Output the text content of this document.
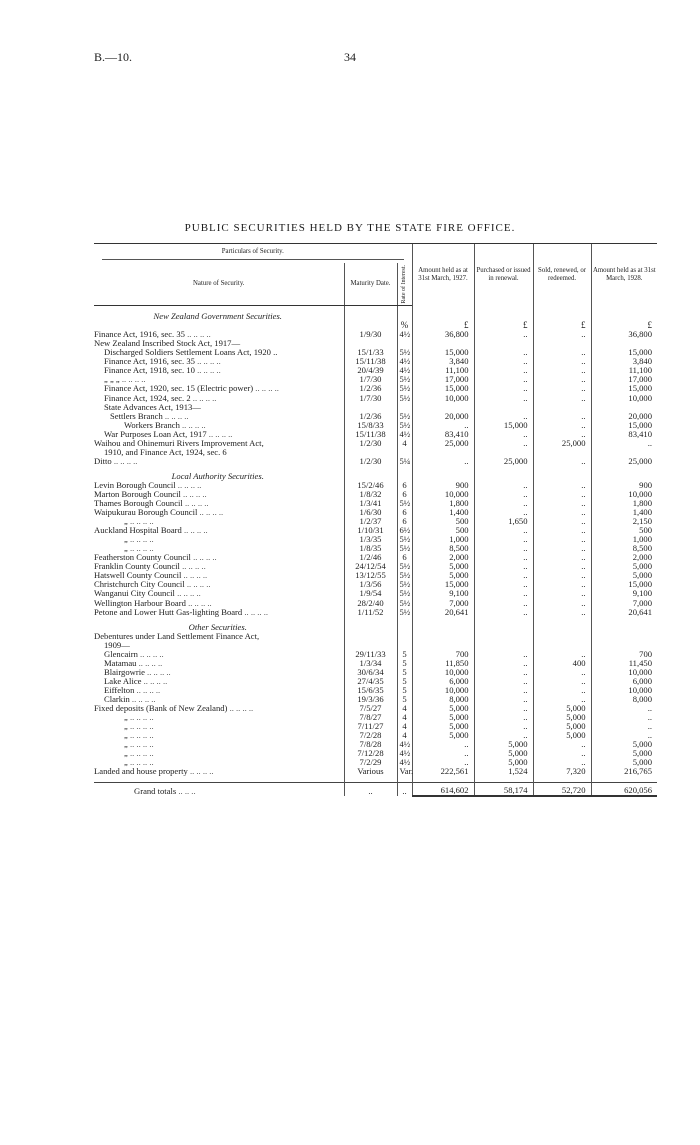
B.—10.	34
PUBLIC SECURITIES HELD BY THE STATE FIRE OFFICE.
Particulars of Security.			Amount held as at 31st March, 1927.	Purchased or issued in renewal.	Sold, renewed, or redeemed.	Amount held as at 31st March, 1928.
Nature of Security.	Maturity Date.	Rate of Interest.				

New Zealand Government Securities.						
		%	£	£	£	£
Finance Act, 1916, sec. 35 .. .. .. ..	1/9/30	4½	36,800	..	..	36,800
New Zealand Inscribed Stock Act, 1917—						
Discharged Soldiers Settlement Loans Act, 1920 ..	15/1/33	5½	15,000	..	..	15,000
Finance Act, 1916, sec. 35 .. .. .. ..	15/11/38	4½	3,840	..	..	3,840
Finance Act, 1918, sec. 10 .. .. .. ..	20/4/39	4½	11,100	..	..	11,100
„ „ „ .. .. .. ..	1/7/30	5½	17,000	..	..	17,000
Finance Act, 1920, sec. 15 (Electric power) .. .. .. ..	1/2/36	5½	15,000	..	..	15,000
Finance Act, 1924, sec. 2 .. .. .. ..	1/7/30	5½	10,000	..	..	10,000
State Advances Act, 1913—						
Settlers Branch .. .. .. ..	1/2/36	5½	20,000	..	..	20,000
Workers Branch .. .. .. ..	15/8/33	5½	..	15,000	..	15,000
War Purposes Loan Act, 1917 .. .. .. ..	15/11/38	4½	83,410	..	..	83,410
Waihou and Ohinemuri Rivers Improvement Act,	1/2/30	4	25,000	..	25,000	..
1910, and Finance Act, 1924, sec. 6						
Ditto .. .. .. ..	1/2/30	5¼	..	25,000	..	25,000

Local Authority Securities.						
Levin Borough Council .. .. .. ..	15/2/46	6	900	..	..	900
Marton Borough Council .. .. .. ..	1/8/32	6	10,000	..	..	10,000
Thames Borough Council .. .. .. ..	1/3/41	5½	1,800	..	..	1,800
Waipukurau Borough Council .. .. .. ..	1/6/30	6	1,400	..	..	1,400
„ .. .. .. ..	1/2/37	6	500	1,650	..	2,150
Auckland Hospital Board .. .. .. ..	1/10/31	6½	500	..	..	500
„ .. .. .. ..	1/3/35	5½	1,000	..	..	1,000
„ .. .. .. ..	1/8/35	5½	8,500	..	..	8,500
Featherston County Council .. .. .. ..	1/2/46	6	2,000	..	..	2,000
Franklin County Council .. .. .. ..	24/12/54	5½	5,000	..	..	5,000
Hatswell County Council .. .. .. ..	13/12/55	5½	5,000	..	..	5,000
Christchurch City Council .. .. .. ..	1/3/56	5½	15,000	..	..	15,000
Wanganui City Council .. .. .. ..	1/9/54	5½	9,100	..	..	9,100
Wellington Harbour Board .. .. .. ..	28/2/40	5½	7,000	..	..	7,000
Petone and Lower Hutt Gas-lighting Board .. .. .. ..	1/11/52	5½	20,641	..	..	20,641

Other Securities.						
Debentures under Land Settlement Finance Act,						
1909—						
Glencairn .. .. .. ..	29/11/33	5	700	..	..	700
Matamau .. .. .. ..	1/3/34	5	11,850	..	400	11,450
Blairgowrie .. .. .. ..	30/6/34	5	10,000	..	..	10,000
Lake Alice .. .. .. ..	27/4/35	5	6,000	..	..	6,000
Eiffelton .. .. .. ..	15/6/35	5	10,000	..	..	10,000
Clarkin .. .. .. ..	19/3/36	5	8,000	..	..	8,000
Fixed deposits (Bank of New Zealand) .. .. .. ..	7/5/27	4	5,000	..	5,000	..
„ .. .. .. ..	7/8/27	4	5,000	..	5,000	..
„ .. .. .. ..	7/11/27	4	5,000	..	5,000	..
„ .. .. .. ..	7/2/28	4	5,000	..	5,000	..
„ .. .. .. ..	7/8/28	4½	..	5,000	..	5,000
„ .. .. .. ..	7/12/28	4½	..	5,000	..	5,000
„ .. .. .. ..	7/2/29	4½	..	5,000	..	5,000
Landed and house property .. .. .. ..	Various	Var.	222,561	1,524	7,320	216,765

Grand totals .. .. ..	..	..	614,602	58,174	52,720	620,056
